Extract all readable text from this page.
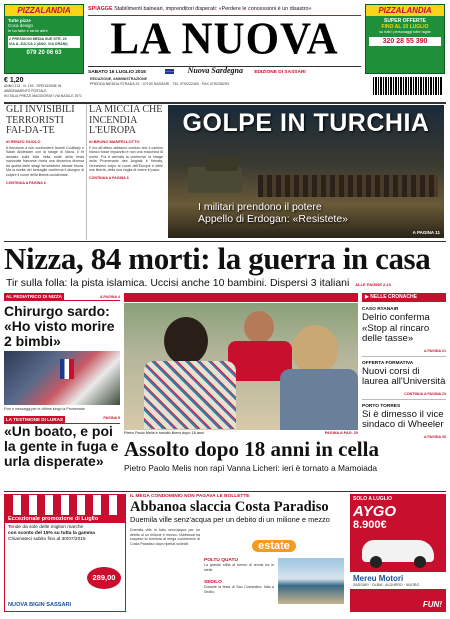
PIZZALANDIA
Tutte pizze
Coca design
le ha fatte e tante altre
2 PRESSIONI MEDIA SUE STR. 20
VIA A. ZUCCA 2 (ANG. VIA ORANI)
079 20 06 63
PIZZALANDIA
SUPER OFFERTE
FINO AL 10 LUGLIO
su tutti i personaggi tutte taglie
320 28 55 390
SPIAGGE Stabilimenti balneari, imprenditori disperati: «Perdere le concessioni è un disastro»
LA NUOVA
SABATO 16 LUGLIO 2016	Nuova Sardegna EDIZIONE DI SASSARI
€ 1,20
ANNO 131 - N. 193 - SPEDIZIONE IN ABBONAMENTO POSTALE
IN ITALIA PREZZI MAGGIORATI VIA NATALE 1971
REDAZIONE, AMMINISTRAZIONE
PREDDA NIEDDA STRADA 31 · 07100 SASSARI · TEL 079/222400 · FAX 079/236293
GLI INVISIBILI TERRORISTI FAI-DA-TE
di RENZO GUOLO
A ttenzione a non confondere Amedi Coulibaly e Salah Abdeslam con la strage di Nizza. Il tir lanciato sulla folla nella notte della festa nazionale francese rivela una dinamica diversa da quella delle stragi terroristiche attuate finora. Ma la scelta del bersaglio conferma il disegno di colpire il cuore della libertà occidentale.
CONTINUA A PAGINA 6
LA MICCIA CHE INCENDIA L'EUROPA
di BRUNO MANFELLOTTO
F ino all'ultimo abbiamo creduto che il camion bianco fosse impazzito e non una macchina di morte. Poi è arrivata la conferma: la strage della Promenade des Anglais è firmata, l'ennesimo colpo al cuore dell'Europa e delle sue libertà, della sua voglia di vivere in pace.
CONTINUA A PAGINA 6
GOLPE IN TURCHIA
I militari prendono il potere
Appello di Erdogan: «Resistete»
A PAGINA 11
Nizza, 84 morti: la guerra in casa
Tir sulla folla: la pista islamica. Uccisi anche 10 bambini. Dispersi 3 italiani ALLE PAGINE 2-10
AL PEDIATRICO DI NIZZA	A PAGINA 4
Chirurgo sardo: «Ho visto morire 2 bimbi»
Fiori e messaggi per le vittime lungo la Promenade
LA TESTIMONE DI LURAS	PAGINA 5
«Un boato, e poi la gente in fuga e urla disperate»
Pietro Paolo Melis è tornato libero dopo 18 anni	PAGINA A PAG. 20
Assolto dopo 18 anni in cella
Pietro Paolo Melis non rapì Vanna Licheri: ieri è tornato a Mamoiada
▶ NELLE CRONACHE
CASO RYANAIR
Delrio conferma «Stop al rincaro delle tasse»
A PAGINA 21
OFFERTA FORMATIVA
Nuovi corsi di laurea all'Università
CONTINUA A PAGINA 23
PORTO TORRES
Si è dimesso il vice sindaco di Wheeler
A PAGINA 30
Eccezionale promozione di Luglio
Tende da sole delle migliori marche
con sconto del 15% su tutta la gamma
Chiamateci subito fino al 30/07/2016
289,00
NUOVA BIGIN SASSARI
IL MEGA CONDOMINIO NON PAGAVA LE BOLLETTE
Abbanoa slaccia Costa Paradiso
Duemila ville senz'acqua per un debito di un milione e mezzo
Duemila ville in tutto senz'acqua per un debito di un milione e mezzo: l'Abbanoa ha sospeso la fornitura al mega condominio di Costa Paradiso dopo ripetuti solleciti.	estate
POLTU QUATU
La grande sfida al torneo di tennis tra le stelle.
SEDILO
Durante la festa di San Costantino, folla a Sedilo.
SOLO A LUGLIO
AYGO
8.900€
Mereu Motori
SASSARI · OLBIA · ALGHERO · NUORO
FUN!
